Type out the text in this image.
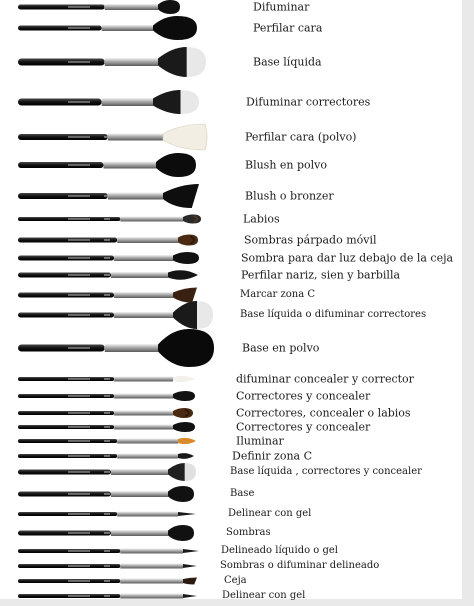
Difuminar
Perfilar cara
Base líquida
Difuminar correctores
Perfilar cara (polvo)
Blush en polvo
Blush o bronzer
Labios
Sombras párpado móvil
Sombra para dar luz debajo de la ceja
Perfilar nariz, sien y barbilla
Marcar zona C
Base líquida o difuminar correctores
Base en polvo
difuminar concealer y corrector
Correctores y concealer
Correctores, concealer o labios
Correctores y concealer
Iluminar
Definir zona C
Base líquida , correctores y concealer
Base
Delinear con gel
Sombras
Delineado líquido o gel
Sombras o difuminar delineado
Ceja
Delinear con gel
